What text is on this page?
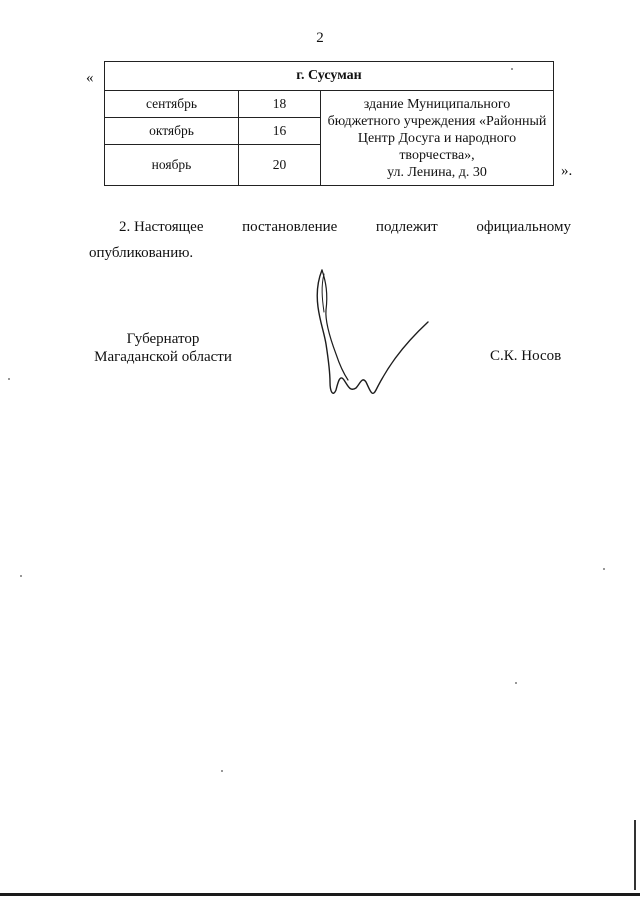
2
«	г. Сусуман		
сентябрь	18	здание Муниципального
бюджетного учреждения «Районный
Центр Досуга и народного
творчества»,
ул. Ленина, д. 30

октябрь	16	
ноябрь	20		».
2. Настоящее	постановление	подлежит	официальному
опубликованию.
Губернатор
Магаданской области	С.К. Носов
